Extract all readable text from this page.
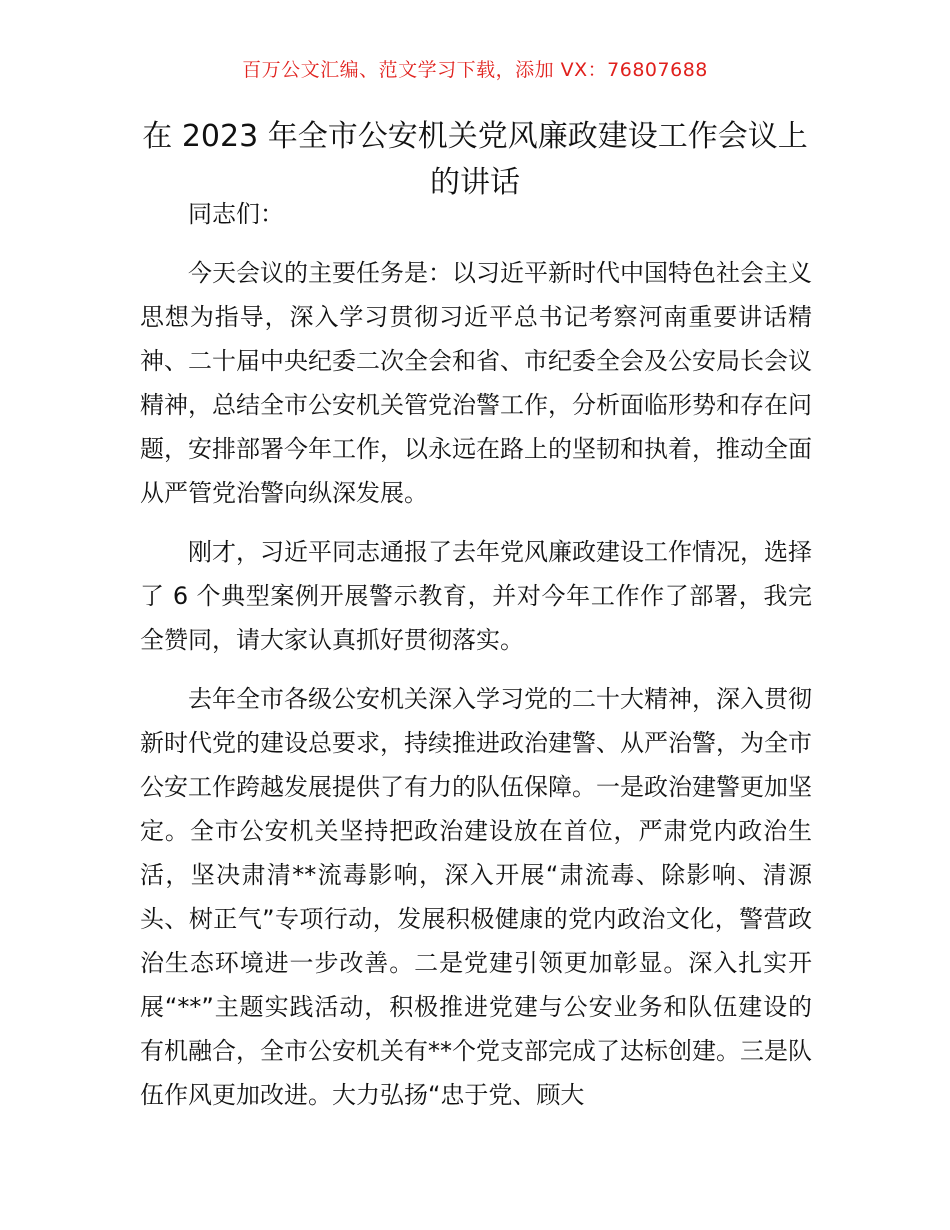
百万公文汇编、范文学习下载，添加 VX：76807688
在 2023 年全市公安机关党风廉政建设工作会议上的讲话

同志们：

今天会议的主要任务是：以习近平新时代中国特色社会主义思想为指导，深入学习贯彻习近平总书记考察河南重要讲话精神、二十届中央纪委二次全会和省、市纪委全会及公安局长会议精神，总结全市公安机关管党治警工作，分析面临形势和存在问题，安排部署今年工作，以永远在路上的坚韧和执着，推动全面从严管党治警向纵深发展。

刚才，习近平同志通报了去年党风廉政建设工作情况，选择了 6 个典型案例开展警示教育，并对今年工作作了部署，我完全赞同，请大家认真抓好贯彻落实。

去年全市各级公安机关深入学习党的二十大精神，深入贯彻新时代党的建设总要求，持续推进政治建警、从严治警，为全市公安工作跨越发展提供了有力的队伍保障。一是政治建警更加坚定。全市公安机关坚持把政治建设放在首位，严肃党内政治生活，坚决肃清**流毒影响，深入开展“肃流毒、除影响、清源头、树正气”专项行动，发展积极健康的党内政治文化，警营政治生态环境进一步改善。二是党建引领更加彰显。深入扎实开展“**”主题实践活动，积极推进党建与公安业务和队伍建设的有机融合，全市公安机关有**个党支部完成了达标创建。三是队伍作风更加改进。大力弘扬“忠于党、顾大
